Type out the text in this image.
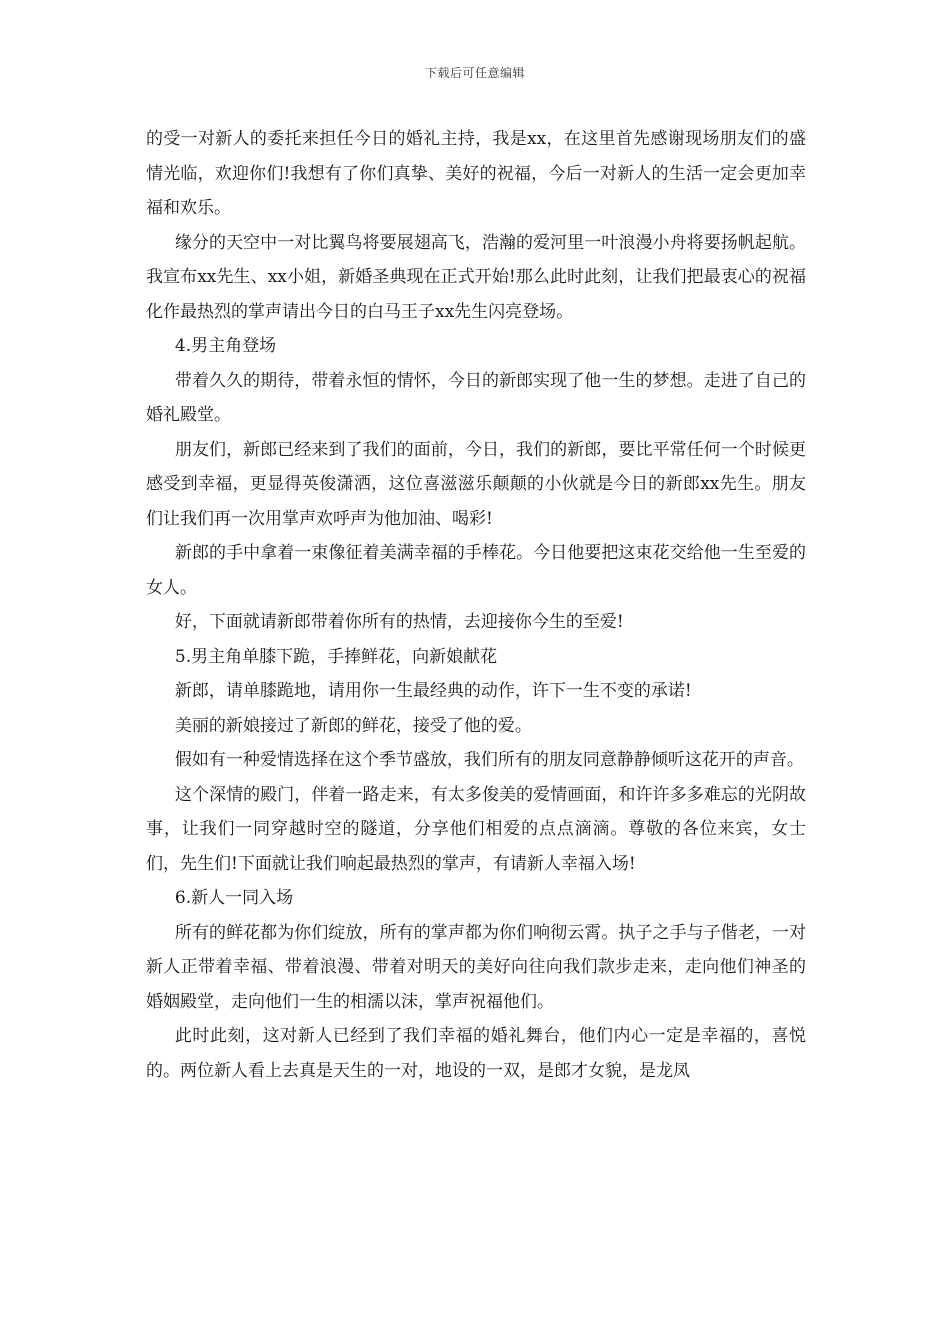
下载后可任意编辑

的受一对新人的委托来担任今日的婚礼主持，我是xx，在这里首先感谢现场朋友们的盛情光临，欢迎你们!我想有了你们真挚、美好的祝福，今后一对新人的生活一定会更加幸福和欢乐。

缘分的天空中一对比翼鸟将要展翅高飞，浩瀚的爱河里一叶浪漫小舟将要扬帆起航。我宣布xx先生、xx小姐，新婚圣典现在正式开始!那么此时此刻，让我们把最衷心的祝福化作最热烈的掌声请出今日的白马王子xx先生闪亮登场。

4.男主角登场

带着久久的期待，带着永恒的情怀，今日的新郎实现了他一生的梦想。走进了自己的婚礼殿堂。

朋友们，新郎已经来到了我们的面前，今日，我们的新郎，要比平常任何一个时候更感受到幸福，更显得英俊潇洒，这位喜滋滋乐颠颠的小伙就是今日的新郎xx先生。朋友们让我们再一次用掌声欢呼声为他加油、喝彩!

新郎的手中拿着一束像征着美满幸福的手棒花。今日他要把这束花交给他一生至爱的女人。

好，下面就请新郎带着你所有的热情，去迎接你今生的至爱!

5.男主角单膝下跪，手捧鲜花，向新娘献花

新郎，请单膝跪地，请用你一生最经典的动作，许下一生不变的承诺!

美丽的新娘接过了新郎的鲜花，接受了他的爱。

假如有一种爱情选择在这个季节盛放，我们所有的朋友同意静静倾听这花开的声音。

这个深情的殿门，伴着一路走来，有太多俊美的爱情画面，和许许多多难忘的光阴故事，让我们一同穿越时空的隧道，分享他们相爱的点点滴滴。尊敬的各位来宾，女士们，先生们!下面就让我们响起最热烈的掌声，有请新人幸福入场!

6.新人一同入场

所有的鲜花都为你们绽放，所有的掌声都为你们响彻云霄。执子之手与子偕老，一对新人正带着幸福、带着浪漫、带着对明天的美好向往向我们款步走来，走向他们神圣的婚姻殿堂，走向他们一生的相濡以沫，掌声祝福他们。

此时此刻，这对新人已经到了我们幸福的婚礼舞台，他们内心一定是幸福的，喜悦的。两位新人看上去真是天生的一对，地设的一双，是郎才女貌，是龙凤
